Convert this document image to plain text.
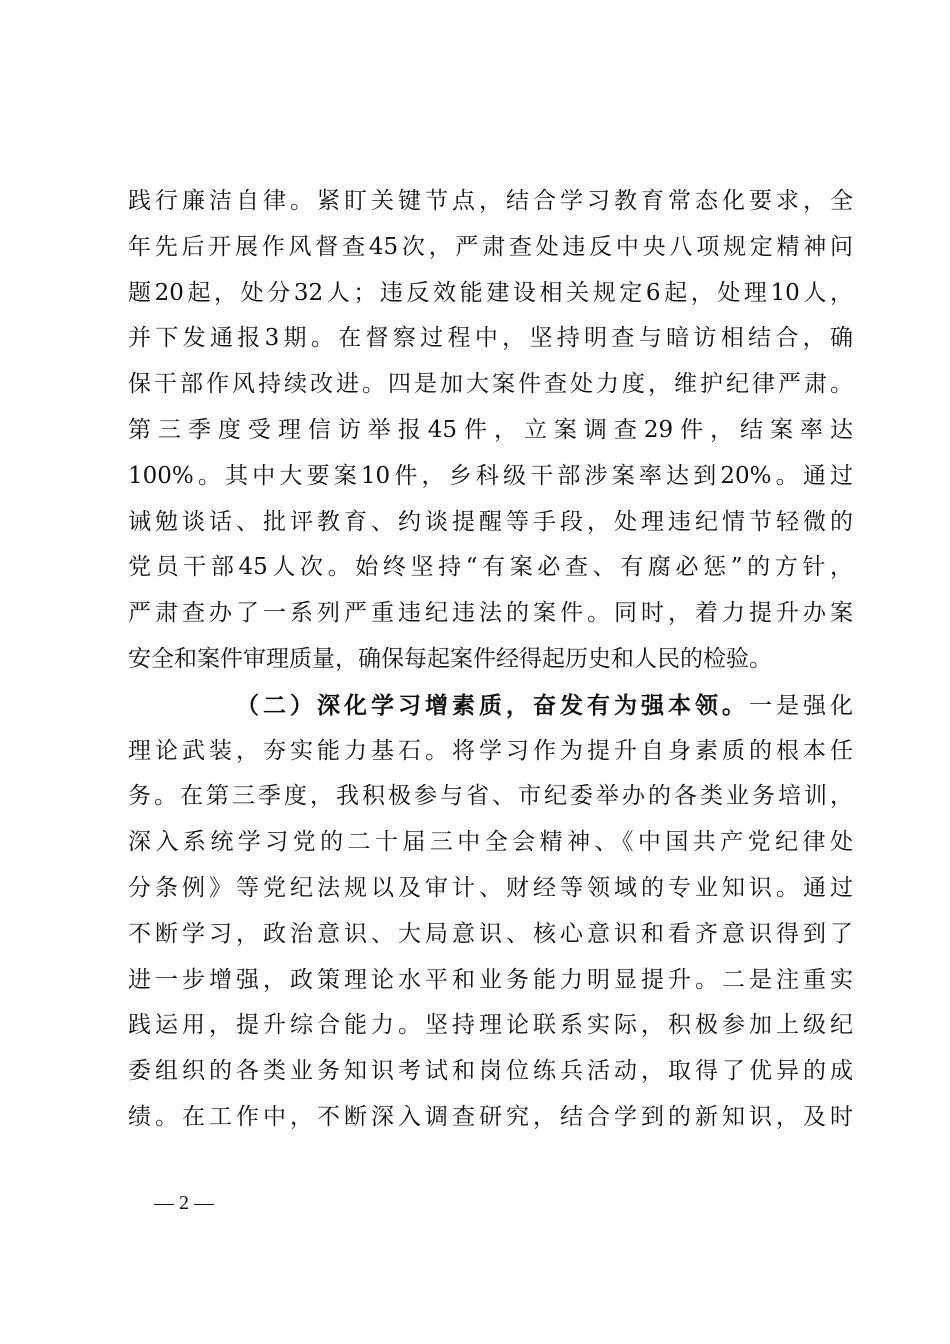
践行廉洁自律。紧盯关键节点，结合学习教育常态化要求，全
年先后开展作风督查45次，严肃查处违反中央八项规定精神问
题20起，处分32人；违反效能建设相关规定6起，处理10人，
并下发通报3期。在督察过程中，坚持明查与暗访相结合，确
保干部作风持续改进。四是加大案件查处力度，维护纪律严肃。
第三季度受理信访举报45件，立案调查29件，结案率达
100%。其中大要案10件，乡科级干部涉案率达到20%。通过
诫勉谈话、批评教育、约谈提醒等手段，处理违纪情节轻微的
党员干部45人次。始终坚持“有案必查、有腐必惩”的方针，
严肃查办了一系列严重违纪违法的案件。同时，着力提升办案
安全和案件审理质量，确保每起案件经得起历史和人民的检验。
（二）深化学习增素质，奋发有为强本领。一是强化
理论武装，夯实能力基石。将学习作为提升自身素质的根本任
务。在第三季度，我积极参与省、市纪委举办的各类业务培训，
深入系统学习党的二十届三中全会精神、《中国共产党纪律处
分条例》等党纪法规以及审计、财经等领域的专业知识。通过
不断学习，政治意识、大局意识、核心意识和看齐意识得到了
进一步增强，政策理论水平和业务能力明显提升。二是注重实
践运用，提升综合能力。坚持理论联系实际，积极参加上级纪
委组织的各类业务知识考试和岗位练兵活动，取得了优异的成
绩。在工作中，不断深入调查研究，结合学到的新知识，及时
— 2 —
